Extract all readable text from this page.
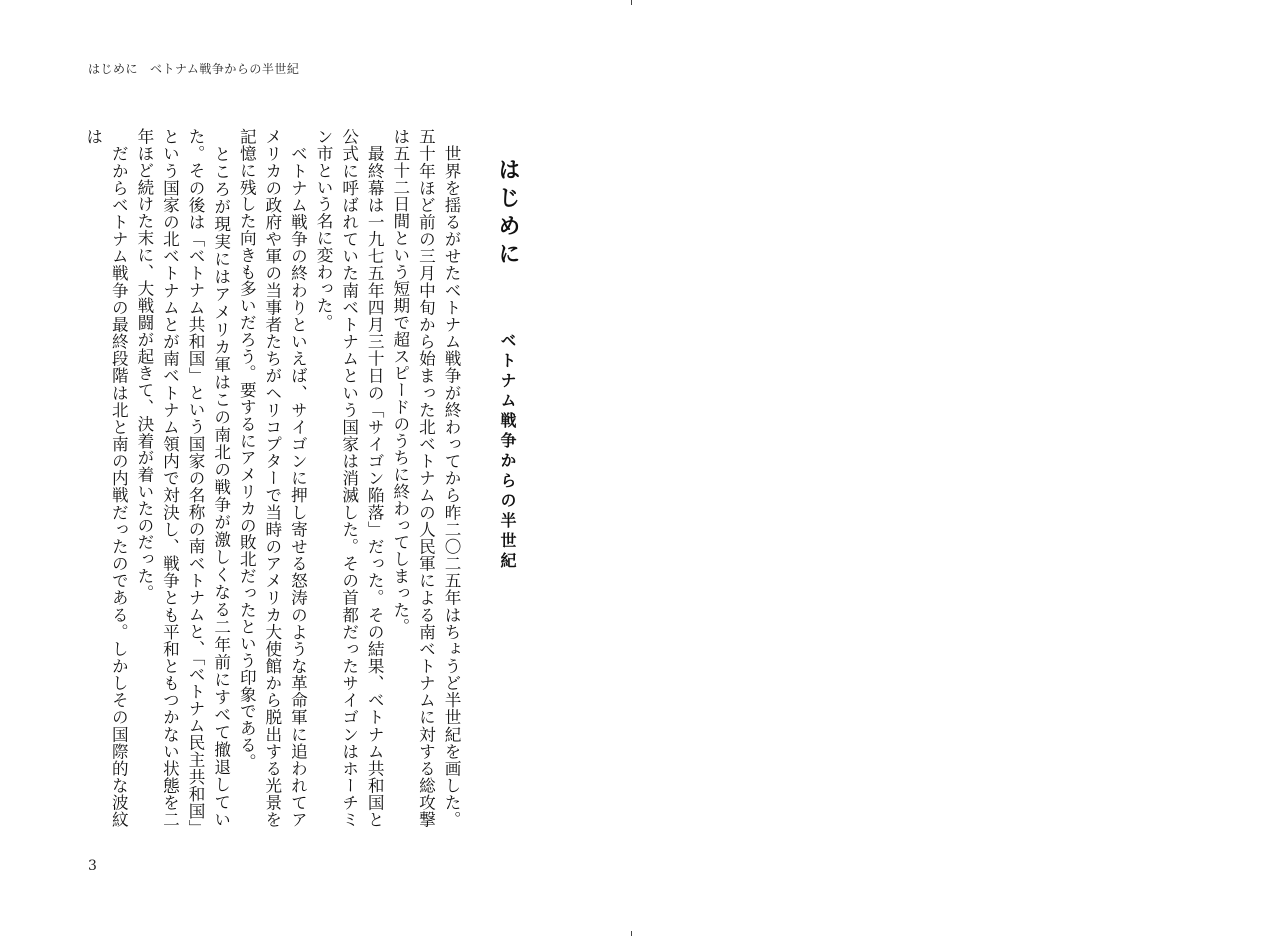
はじめに ベトナム戦争からの半世紀
はじめにベトナム戦争からの半世紀

　世界を揺るがせたベトナム戦争が終わってから昨二〇二五年はちょうど半世紀を画した。五十年ほど前の三月中旬から始まった北ベトナムの人民軍による南ベトナムに対する総攻撃は五十二日間という短期で超スピードのうちに終わってしまった。

　最終幕は一九七五年四月三十日の「サイゴン陥落」だった。その結果、ベトナム共和国と公式に呼ばれていた南ベトナムという国家は消滅した。その首都だったサイゴンはホーチミン市という名に変わった。

　ベトナム戦争の終わりといえば、サイゴンに押し寄せる怒涛のような革命軍に追われてアメリカの政府や軍の当事者たちがヘリコプターで当時のアメリカ大使館から脱出する光景を記憶に残した向きも多いだろう。要するにアメリカの敗北だったという印象である。

　ところが現実にはアメリカ軍はこの南北の戦争が激しくなる二年前にすべて撤退していた。その後は「ベトナム共和国」という国家の名称の南ベトナムと、「ベトナム民主共和国」という国家の北ベトナムとが南ベトナム領内で対決し、戦争とも平和ともつかない状態を二年ほど続けた末に、大戦闘が起きて、決着が着いたのだった。

　だからベトナム戦争の最終段階は北と南の内戦だったのである。しかしその国際的な波紋は

3
